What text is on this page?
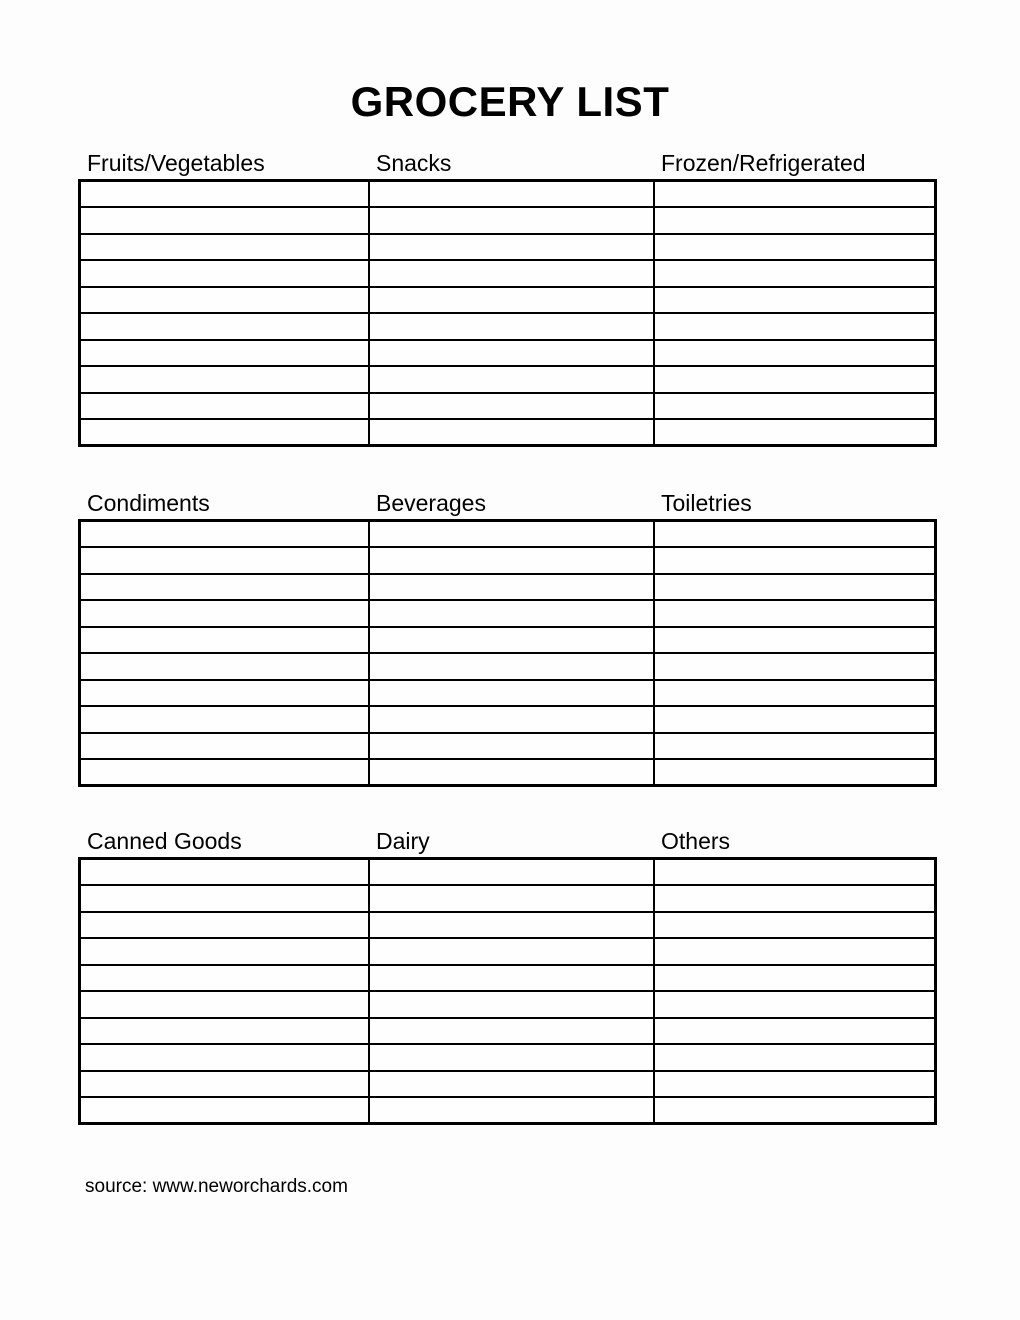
GROCERY LIST
Fruits/Vegetables	Snacks	Frozen/Refrigerated

Condiments	Beverages	Toiletries

Canned Goods	Dairy	Others

source: www.neworchards.com
